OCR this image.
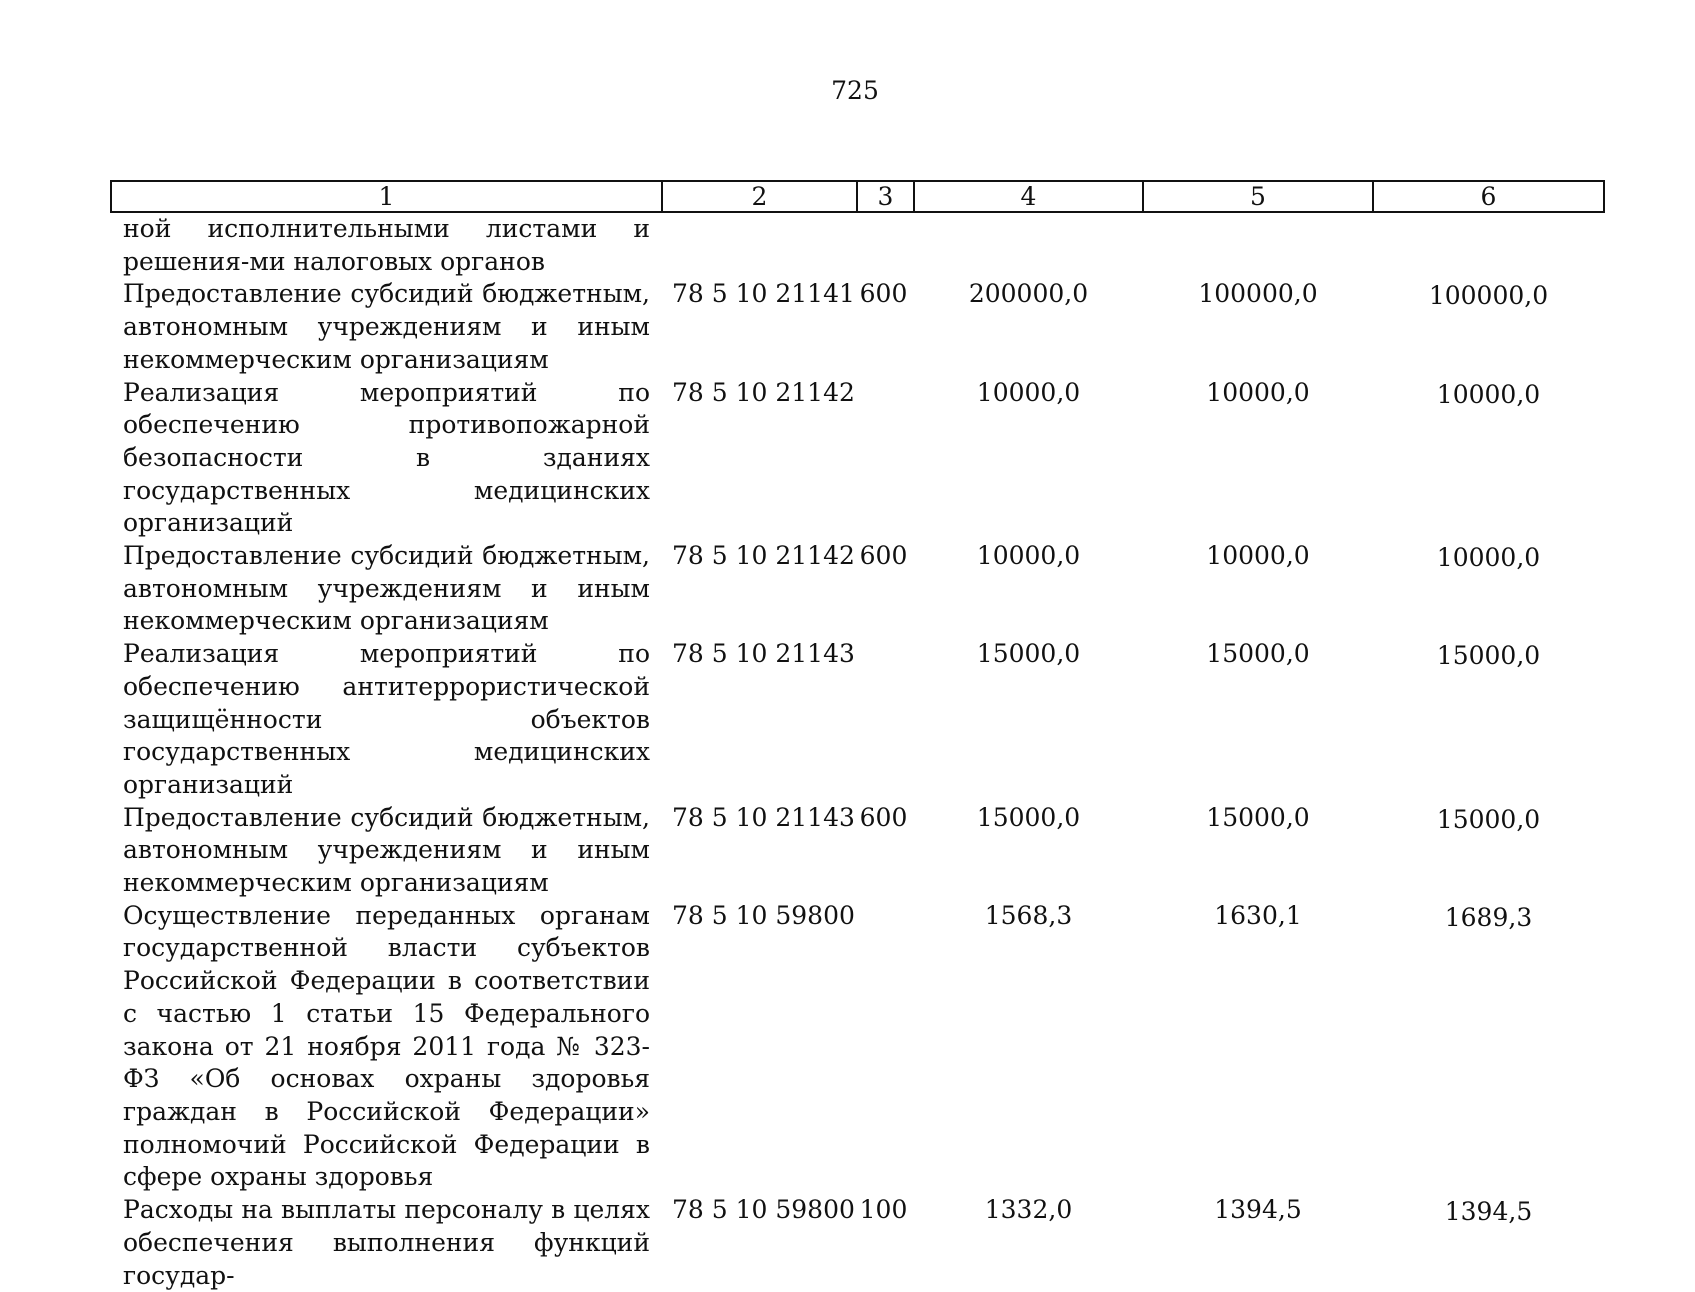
725
1	2	3	4	5	6
ной исполнительными листами и решения-ми налоговых органов					
Предоставление субсидий бюджетным, автономным учреждениям и иным некоммерческим организациям	78 5 10 21141	600	200000,0	100000,0	100000,0
Реализация мероприятий по обеспечению противопожарной безопасности в зданиях государственных медицинских организаций	78 5 10 21142		10000,0	10000,0	10000,0
Предоставление субсидий бюджетным, автономным учреждениям и иным некоммерческим организациям	78 5 10 21142	600	10000,0	10000,0	10000,0
Реализация мероприятий по обеспечению антитеррористической защищённости объектов государственных медицинских организаций	78 5 10 21143		15000,0	15000,0	15000,0
Предоставление субсидий бюджетным, автономным учреждениям и иным некоммерческим организациям	78 5 10 21143	600	15000,0	15000,0	15000,0
Осуществление переданных органам государственной власти субъектов Российской Федерации в соответствии с частью 1 статьи 15 Федерального закона от 21 ноября 2011 года № 323-ФЗ «Об основах охраны здоровья граждан в Российской Федерации» полномочий Российской Федерации в сфере охраны здоровья	78 5 10 59800		1568,3	1630,1	1689,3
Расходы на выплаты персоналу в целях обеспечения выполнения функций государ-	78 5 10 59800	100	1332,0	1394,5	1394,5
